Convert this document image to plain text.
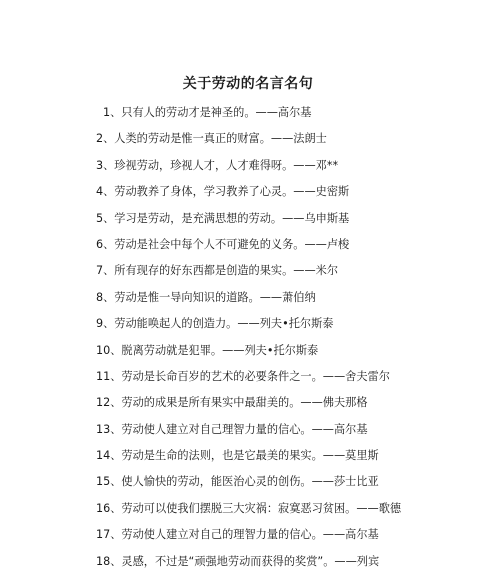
关于劳动的名言名句
1、只有人的劳动才是神圣的。——高尔基
2、人类的劳动是惟一真正的财富。——法朗士
3、珍视劳动，珍视人才，人才难得呀。——邓**
4、劳动教养了身体，学习教养了心灵。——史密斯
5、学习是劳动，是充满思想的劳动。——乌申斯基
6、劳动是社会中每个人不可避免的义务。——卢梭
7、所有现存的好东西都是创造的果实。——米尔
8、劳动是惟一导向知识的道路。——萧伯纳
9、劳动能唤起人的创造力。——列夫•托尔斯泰
10、脱离劳动就是犯罪。——列夫•托尔斯泰
11、劳动是长命百岁的艺术的必要条件之一。——舍夫雷尔
12、劳动的成果是所有果实中最甜美的。——佛夫那格
13、劳动使人建立对自己理智力量的信心。——高尔基
14、劳动是生命的法则，也是它最美的果实。——莫里斯
15、使人愉快的劳动，能医治心灵的创伤。——莎士比亚
16、劳动可以使我们摆脱三大灾祸：寂寞恶习贫困。——歌德
17、劳动使人建立对自己的理智力量的信心。——高尔基
18、灵感，不过是“顽强地劳动而获得的奖赏”。——列宾
